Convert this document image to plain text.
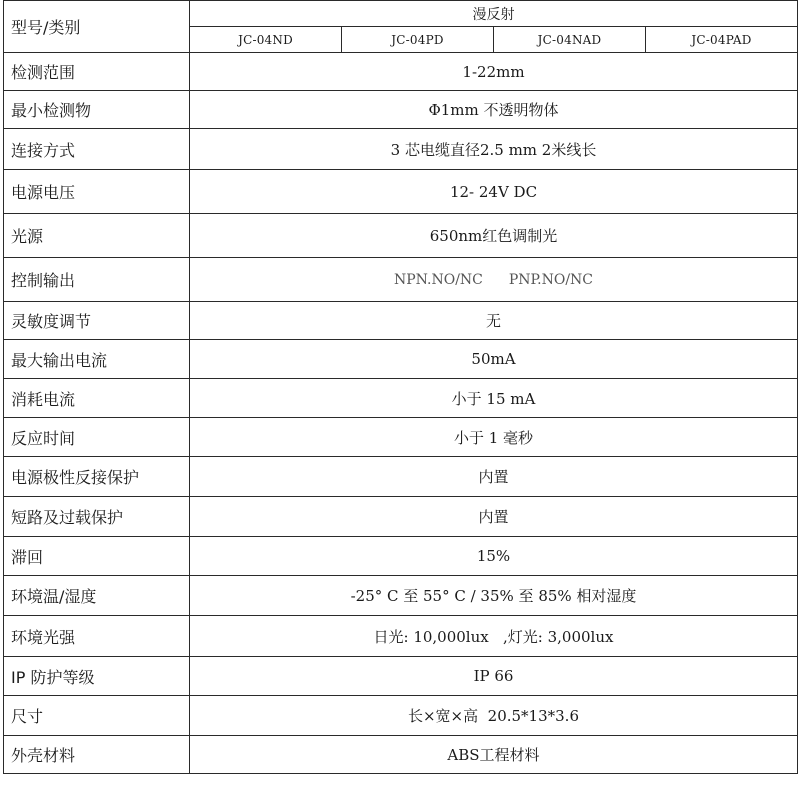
型号/类别	漫反射			
	JC-04ND	JC-04PD	JC-04NAD	JC-04PAD
检测范围	1-22mm			
最小检测物	Φ1mm 不透明物体			
连接方式	3 芯电缆直径2.5 mm 2米线长			
电源电压	12- 24V DC			
光源	650nm红色调制光			
控制输出	NPN.NO/NC PNP.NO/NC			
灵敏度调节	无			
最大输出电流	50mA			
消耗电流	小于 15 mA			
反应时间	小于 1 毫秒			
电源极性反接保护	内置			
短路及过载保护	内置			
滞回	15%			
环境温/湿度	-25° C 至 55° C / 35% 至 85% 相对湿度			
环境光强	日光: 10,000lux   ,灯光: 3,000lux			
IP 防护等级	IP 66			
尺寸	长×宽×高  20.5*13*3.6			
外壳材料	ABS工程材料			
